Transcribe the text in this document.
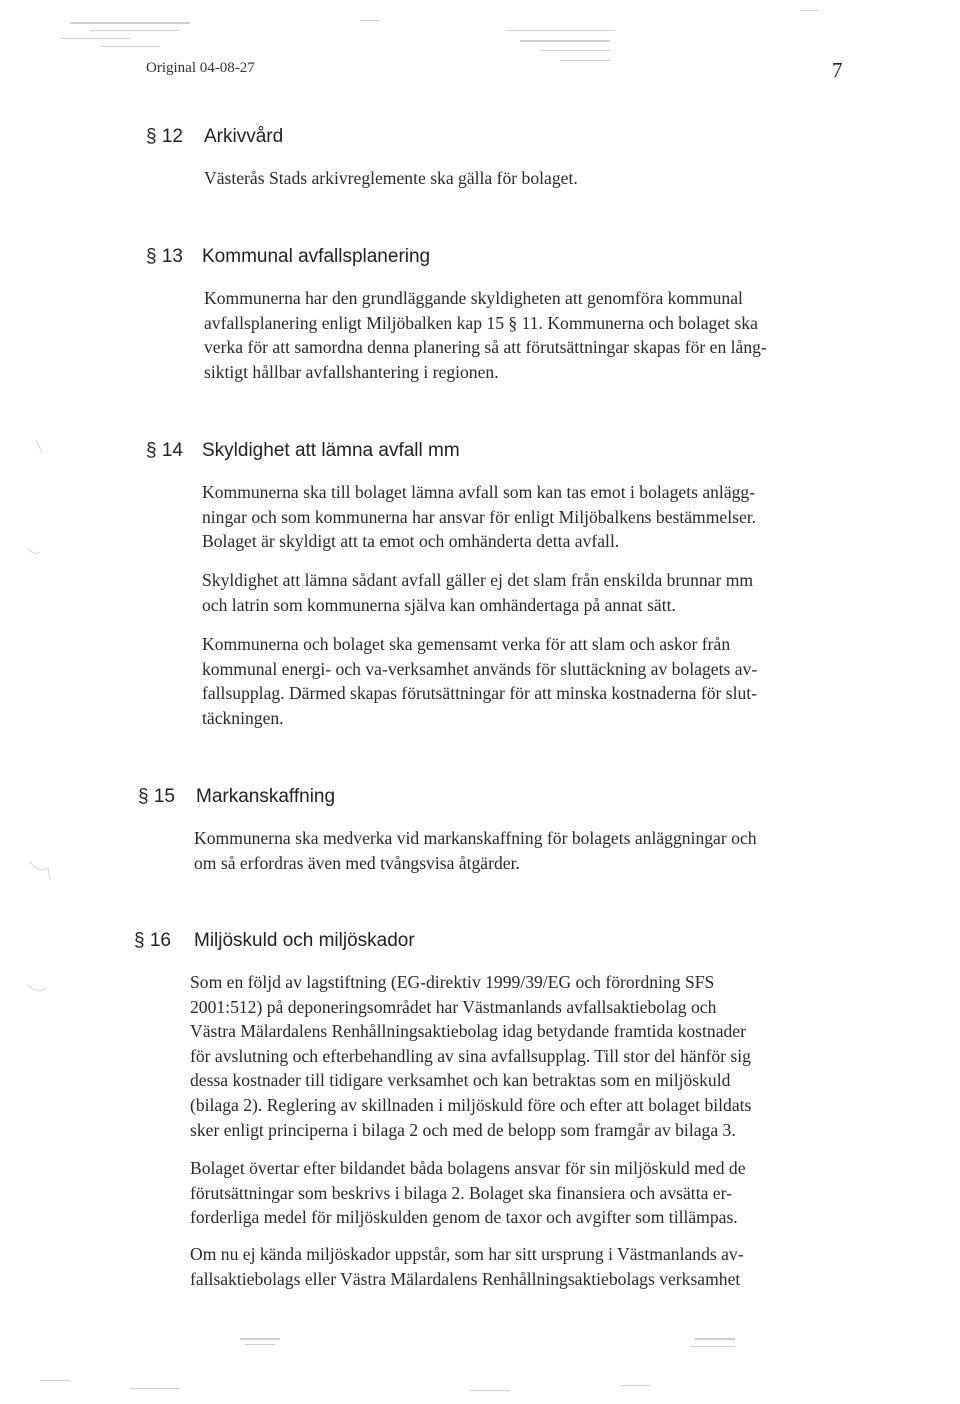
Original 04-08-27	7
§ 12	Arkivvård

Västerås Stads arkivreglemente ska gälla för bolaget.

§ 13	Kommunal avfallsplanering

Kommunerna har den grundläggande skyldigheten att genomföra kommunal
avfallsplanering enligt Miljöbalken kap 15 § 11. Kommunerna och bolaget ska
verka för att samordna denna planering så att förutsättningar skapas för en lång-
siktigt hållbar avfallshantering i regionen.

§ 14	Skyldighet att lämna avfall mm

Kommunerna ska till bolaget lämna avfall som kan tas emot i bolagets anlägg-
ningar och som kommunerna har ansvar för enligt Miljöbalkens bestämmelser.
Bolaget är skyldigt att ta emot och omhänderta detta avfall.

Skyldighet att lämna sådant avfall gäller ej det slam från enskilda brunnar mm
och latrin som kommunerna själva kan omhändertaga på annat sätt.

Kommunerna och bolaget ska gemensamt verka för att slam och askor från
kommunal energi- och va-verksamhet används för sluttäckning av bolagets av-
fallsupplag. Därmed skapas förutsättningar för att minska kostnaderna för slut-
täckningen.

§ 15	Markanskaffning

Kommunerna ska medverka vid markanskaffning för bolagets anläggningar och
om så erfordras även med tvångsvisa åtgärder.

§ 16	Miljöskuld och miljöskador

Som en följd av lagstiftning (EG-direktiv 1999/39/EG och förordning SFS
2001:512) på deponeringsområdet har Västmanlands avfallsaktiebolag och
Västra Mälardalens Renhållningsaktiebolag idag betydande framtida kostnader
för avslutning och efterbehandling av sina avfallsupplag. Till stor del hänför sig
dessa kostnader till tidigare verksamhet och kan betraktas som en miljöskuld
(bilaga 2). Reglering av skillnaden i miljöskuld före och efter att bolaget bildats
sker enligt principerna i bilaga 2 och med de belopp som framgår av bilaga 3.

Bolaget övertar efter bildandet båda bolagens ansvar för sin miljöskuld med de
förutsättningar som beskrivs i bilaga 2. Bolaget ska finansiera och avsätta er-
forderliga medel för miljöskulden genom de taxor och avgifter som tillämpas.

Om nu ej kända miljöskador uppstår, som har sitt ursprung i Västmanlands av-
fallsaktiebolags eller Västra Mälardalens Renhållningsaktiebolags verksamhet
